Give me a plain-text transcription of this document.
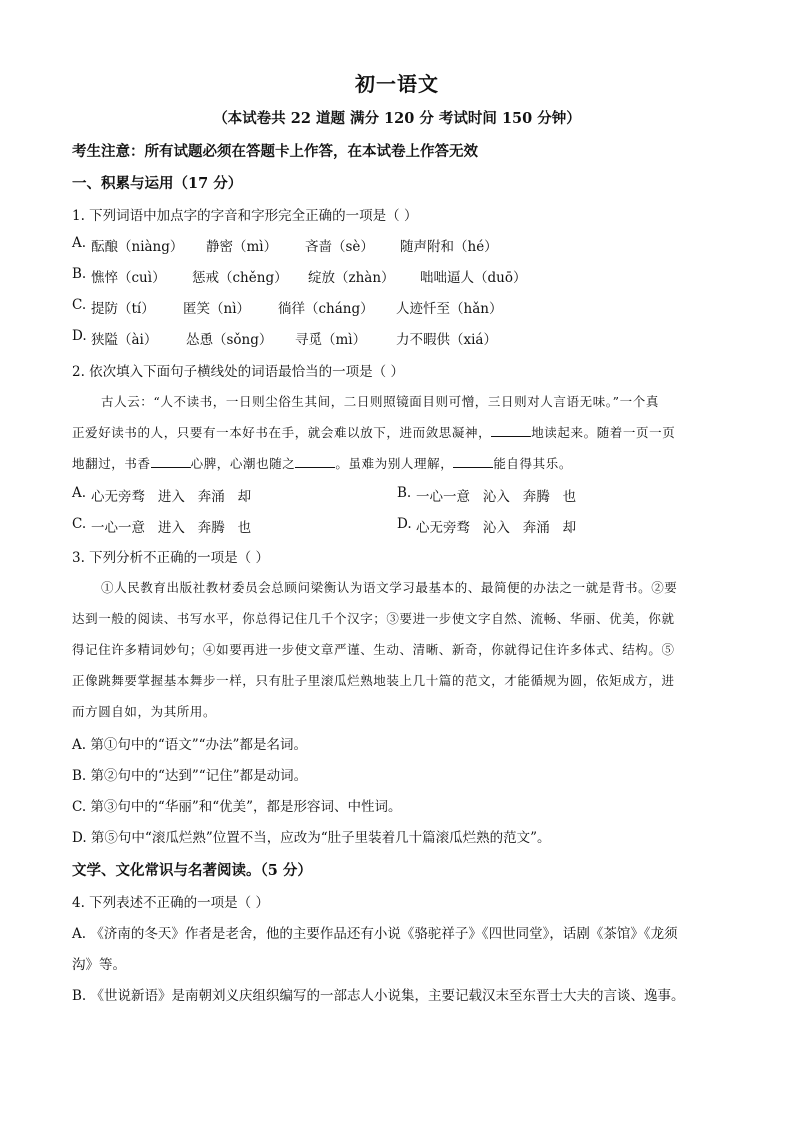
初一语文
（本试卷共 22 道题 满分 120 分 考试时间 150 分钟）
考生注意：所有试题必须在答题卡上作答，在本试卷上作答无效
一、积累与运用（17 分）
1. 下列词语中加点字的字音和字形完全正确的一项是（ ）
A. 酝酿（niàng） 静密（mì） 吝啬（sè） 随声附和（hé）
B. 憔悴（cuì） 惩戒（chěng） 绽放（zhàn） 咄咄逼人（duō）
C. 提防（tí） 匿笑（nì） 徜徉（cháng） 人迹忏至（hǎn）
D. 狭隘（ài） 怂恿（sǒng） 寻觅（mì） 力不暇供（xiá）
2. 依次填入下面句子横线处的词语最恰当的一项是（ ）
古人云：“人不读书，一日则尘俗生其间，二日则照镜面目则可憎，三日则对人言语无味。”一个真
正爱好读书的人，只要有一本好书在手，就会难以放下，进而敛思凝神，	地读起来。随着一页一页
地翻过，书香	心脾，心潮也随之	。虽难为别人理解，	能自得其乐。
A. 心无旁骛   进入   奔涌   却	B. 一心一意   沁入   奔腾   也
C. 一心一意   进入   奔腾   也	D. 心无旁骛   沁入   奔涌   却
3. 下列分析不正确的一项是（ ）
①人民教育出版社教材委员会总顾问梁衡认为语文学习最基本的、最简便的办法之一就是背书。②要
达到一般的阅读、书写水平，你总得记住几千个汉字；③要进一步使文字自然、流畅、华丽、优美，你就
得记住许多精词妙句；④如要再进一步使文章严谨、生动、清晰、新奇，你就得记住许多体式、结构。⑤
正像跳舞要掌握基本舞步一样，只有肚子里滚瓜烂熟地装上几十篇的范文，才能循规为圆，依矩成方，进
而方圆自如，为其所用。
A. 第①句中的“语文”“办法”都是名词。
B. 第②句中的“达到”“记住”都是动词。
C. 第③句中的“华丽”和“优美”，都是形容词、中性词。
D. 第⑤句中“滚瓜烂熟”位置不当，应改为“肚子里装着几十篇滚瓜烂熟的范文”。
文学、文化常识与名著阅读。（5 分）
4. 下列表述不正确的一项是（ ）
A. 《济南的冬天》作者是老舍，他的主要作品还有小说《骆驼祥子》《四世同堂》，话剧《茶馆》《龙须
沟》等。
B. 《世说新语》是南朝刘义庆组织编写的一部志人小说集，主要记载汉末至东晋士大夫的言谈、逸事。
